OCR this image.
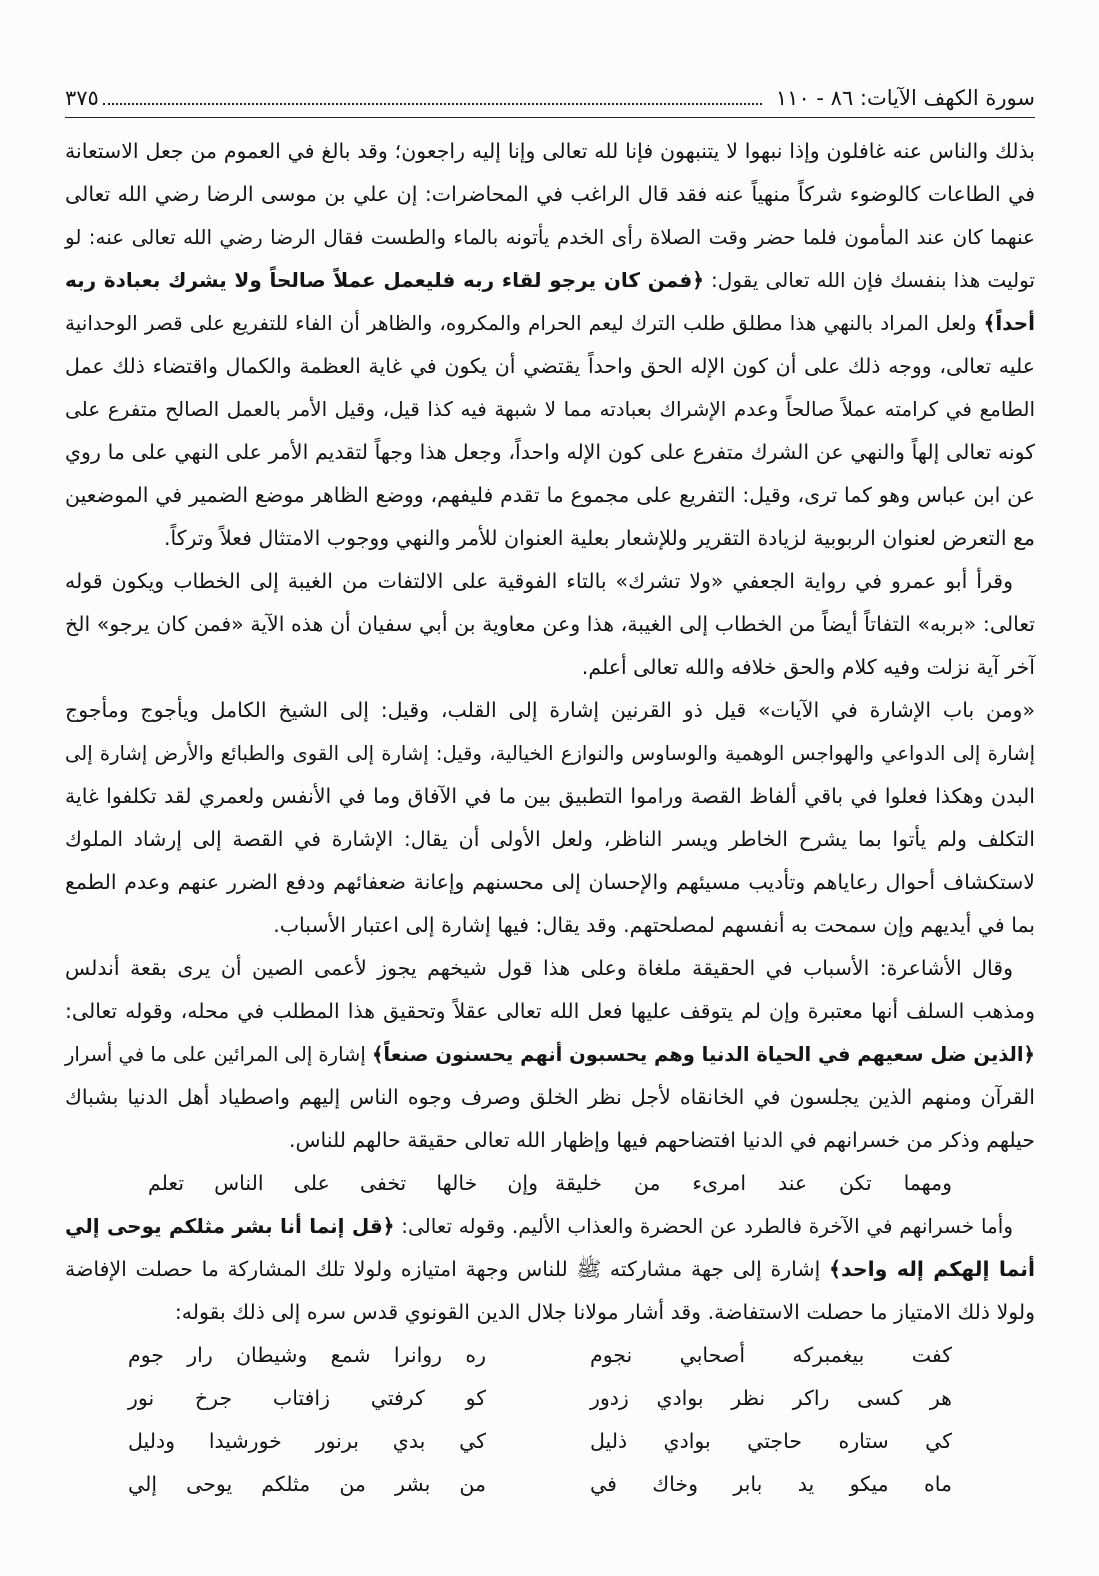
سورة الكهف الآيات: ٨٦ - ١١٠
٣٧٥
بذلك والناس عنه غافلون وإذا نبهوا لا يتنبهون فإنا لله تعالى وإنا إليه راجعون؛ وقد بالغ في العموم من جعل الاستعانة
في الطاعات كالوضوء شركاً منهياً عنه فقد قال الراغب في المحاضرات: إن علي بن موسى الرضا رضي الله تعالى
عنهما كان عند المأمون فلما حضر وقت الصلاة رأى الخدم يأتونه بالماء والطست فقال الرضا رضي الله تعالى عنه: لو
توليت هذا بنفسك فإن الله تعالى يقول: ﴿فمن كان يرجو لقاء ربه فليعمل عملاً صالحاً ولا يشرك بعبادة ربه
أحداً﴾ ولعل المراد بالنهي هذا مطلق طلب الترك ليعم الحرام والمكروه، والظاهر أن الفاء للتفريع على قصر الوحدانية
عليه تعالى، ووجه ذلك على أن كون الإله الحق واحداً يقتضي أن يكون في غاية العظمة والكمال واقتضاء ذلك عمل
الطامع في كرامته عملاً صالحاً وعدم الإشراك بعبادته مما لا شبهة فيه كذا قيل، وقيل الأمر بالعمل الصالح متفرع على
كونه تعالى إلهاً والنهي عن الشرك متفرع على كون الإله واحداً، وجعل هذا وجهاً لتقديم الأمر على النهي على ما روي
عن ابن عباس وهو كما ترى، وقيل: التفريع على مجموع ما تقدم فليفهم، ووضع الظاهر موضع الضمير في الموضعين
مع التعرض لعنوان الربوبية لزيادة التقرير وللإشعار بعلية العنوان للأمر والنهي ووجوب الامتثال فعلاً وتركاً.
وقرأ أبو عمرو في رواية الجعفي «ولا تشرك» بالتاء الفوقية على الالتفات من الغيبة إلى الخطاب ويكون قوله
تعالى: «بربه» التفاتاً أيضاً من الخطاب إلى الغيبة، هذا وعن معاوية بن أبي سفيان أن هذه الآية «فمن كان يرجو» الخ
آخر آية نزلت وفيه كلام والحق خلافه والله تعالى أعلم.
«ومن باب الإشارة في الآيات» قيل ذو القرنين إشارة إلى القلب، وقيل: إلى الشيخ الكامل ويأجوج ومأجوج
إشارة إلى الدواعي والهواجس الوهمية والوساوس والنوازع الخيالية، وقيل: إشارة إلى القوى والطبائع والأرض إشارة إلى
البدن وهكذا فعلوا في باقي ألفاظ القصة وراموا التطبيق بين ما في الآفاق وما في الأنفس ولعمري لقد تكلفوا غاية
التكلف ولم يأتوا بما يشرح الخاطر ويسر الناظر، ولعل الأولى أن يقال: الإشارة في القصة إلى إرشاد الملوك
لاستكشاف أحوال رعاياهم وتأديب مسيئهم والإحسان إلى محسنهم وإعانة ضعفائهم ودفع الضرر عنهم وعدم الطمع
بما في أيديهم وإن سمحت به أنفسهم لمصلحتهم. وقد يقال: فيها إشارة إلى اعتبار الأسباب.
وقال الأشاعرة: الأسباب في الحقيقة ملغاة وعلى هذا قول شيخهم يجوز لأعمى الصين أن يرى بقعة أندلس
ومذهب السلف أنها معتبرة وإن لم يتوقف عليها فعل الله تعالى عقلاً وتحقيق هذا المطلب في محله، وقوله تعالى:
﴿الذين ضل سعيهم في الحياة الدنيا وهم يحسبون أنهم يحسنون صنعاً﴾ إشارة إلى المرائين على ما في أسرار
القرآن ومنهم الذين يجلسون في الخانقاه لأجل نظر الخلق وصرف وجوه الناس إليهم واصطياد أهل الدنيا بشباك
حيلهم وذكر من خسرانهم في الدنيا افتضاحهم فيها وإظهار الله تعالى حقيقة حالهم للناس.
ومهما تكن عند امرىء من خليقة
وإن خالها تخفى على الناس تعلم
وأما خسرانهم في الآخرة فالطرد عن الحضرة والعذاب الأليم. وقوله تعالى: ﴿قل إنما أنا بشر مثلكم يوحى إلي
أنما إلهكم إله واحد﴾ إشارة إلى جهة مشاركته ﷺ للناس وجهة امتيازه ولولا تلك المشاركة ما حصلت الإفاضة
ولولا ذلك الامتياز ما حصلت الاستفاضة. وقد أشار مولانا جلال الدين القونوي قدس سره إلى ذلك بقوله:
كفت بيغمبركه أصحابي نجوم
ره روانرا شمع وشيطان رار جوم
هر كسى راكر نظر بوادي زدور
كو كرفتي زافتاب جرخ نور
كي ستاره حاجتي بوادي ذليل
كي بدي برنور خورشيدا ودليل
ماه ميكو يد بابر وخاك في
من بشر من مثلكم يوحى إلي
